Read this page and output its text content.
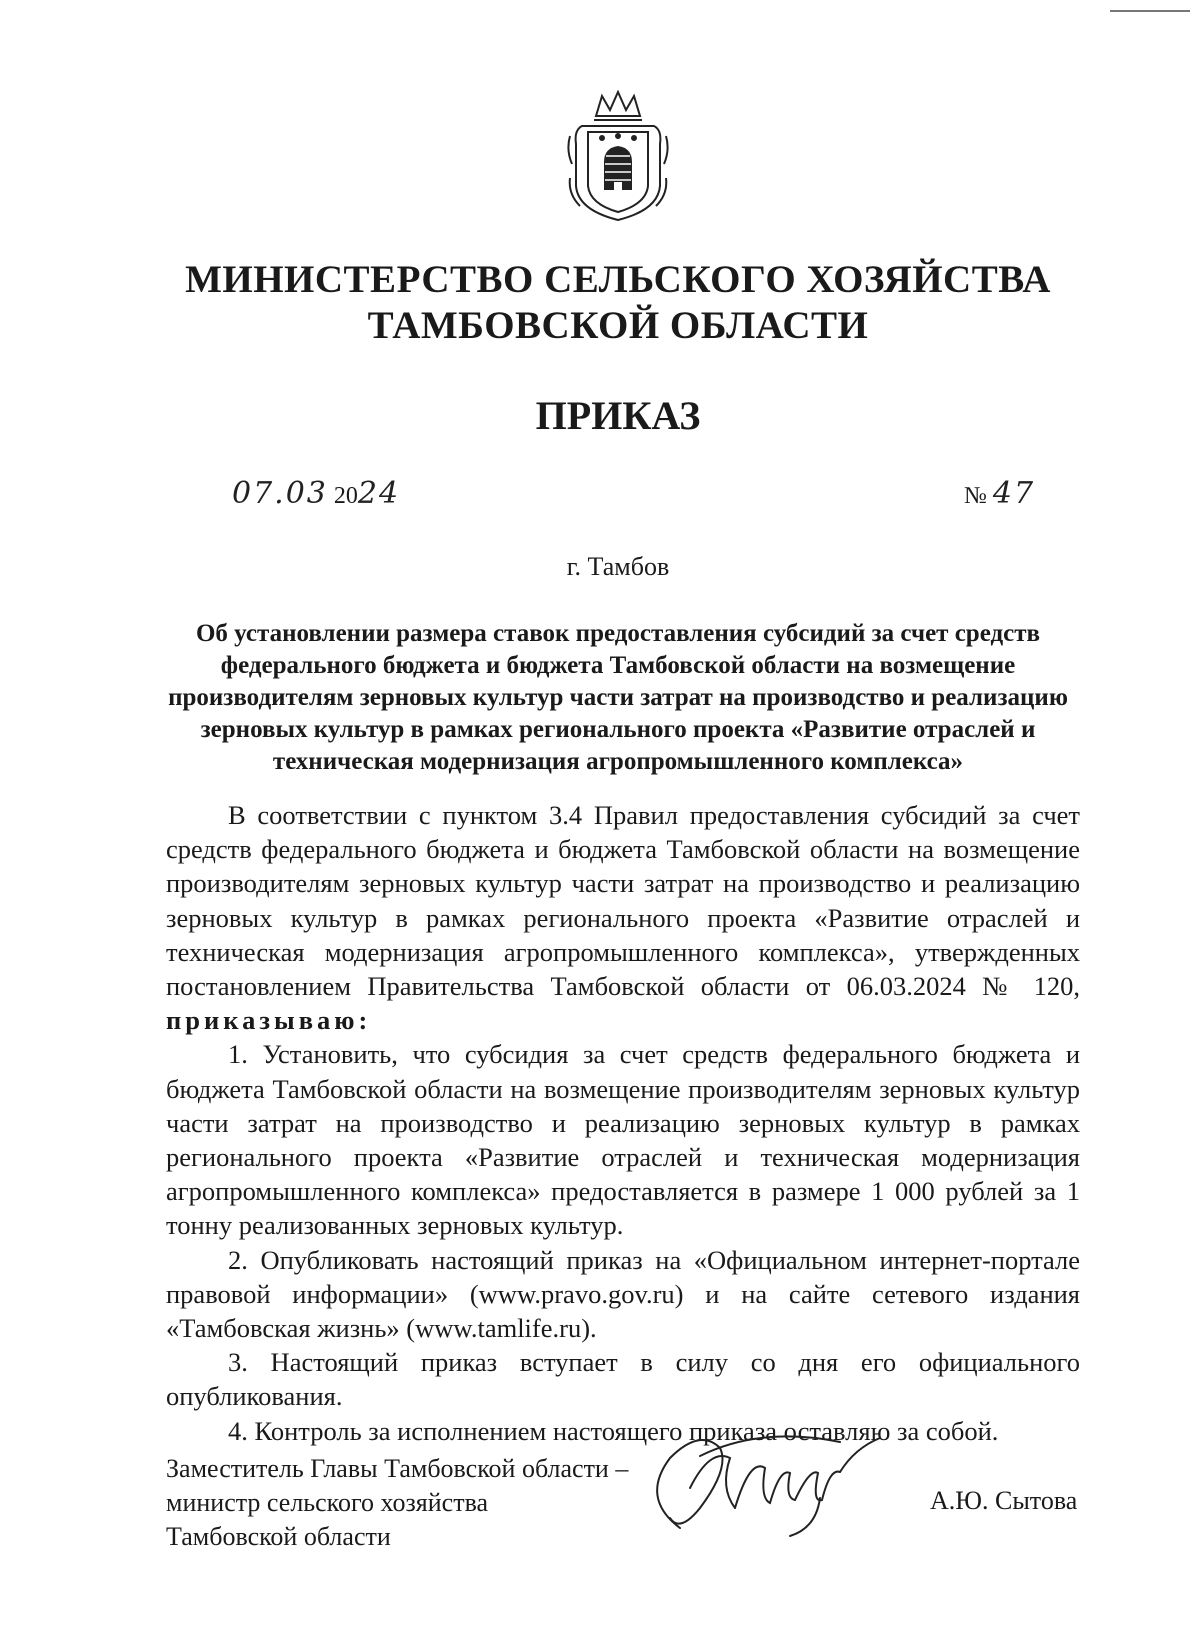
МИНИСТЕРСТВО СЕЛЬСКОГО ХОЗЯЙСТВА
ТАМБОВСКОЙ ОБЛАСТИ
ПРИКАЗ
07.03 2024	№ 47
г. Тамбов
Об установлении размера ставок предоставления субсидий за счет средств федерального бюджета и бюджета Тамбовской области на возмещение производителям зерновых культур части затрат на производство и реализацию зерновых культур в рамках регионального проекта «Развитие отраслей и техническая модернизация агропромышленного комплекса»

В соответствии с пунктом 3.4 Правил предоставления субсидий за счет средств федерального бюджета и бюджета Тамбовской области на возмещение производителям зерновых культур части затрат на производство и реализацию зерновых культур в рамках регионального проекта «Развитие отраслей и техническая модернизация агропромышленного комплекса», утвержденных постановлением Правительства Тамбовской области от 06.03.2024 № 120, приказываю:

1. Установить, что субсидия за счет средств федерального бюджета и бюджета Тамбовской области на возмещение производителям зерновых культур части затрат на производство и реализацию зерновых культур в рамках регионального проекта «Развитие отраслей и техническая модернизация агропромышленного комплекса» предоставляется в размере 1 000 рублей за 1 тонну реализованных зерновых культур.

2. Опубликовать настоящий приказ на «Официальном интернет-портале правовой информации» (www.pravo.gov.ru) и на сайте сетевого издания «Тамбовская жизнь» (www.tamlife.ru).

3. Настоящий приказ вступает в силу со дня его официального опубликования.

4. Контроль за исполнением настоящего приказа оставляю за собой.

Заместитель Главы Тамбовской области –
министр сельского хозяйства
Тамбовской области
А.Ю. Сытова
